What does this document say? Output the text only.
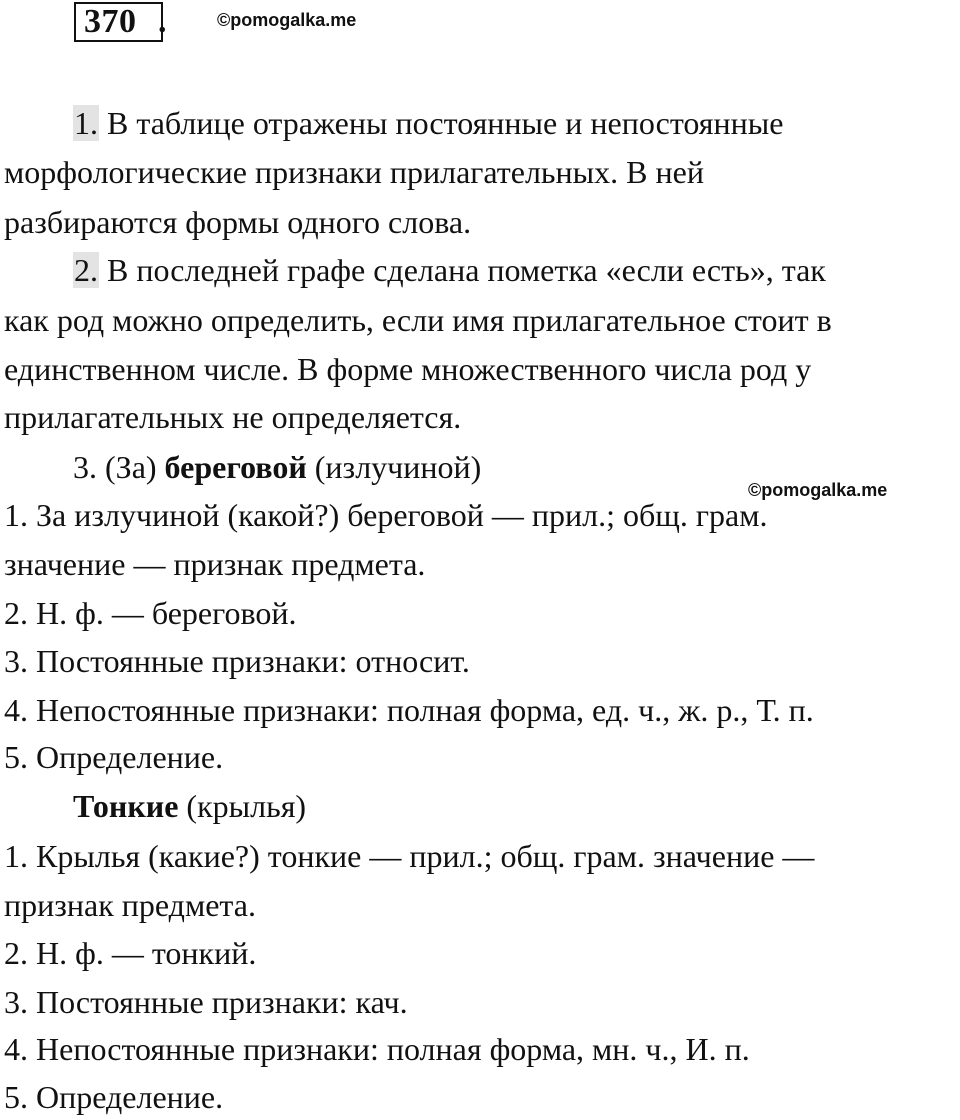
370 .	©pomogalka.me
1. В таблице отражены постоянные и непостоянные
морфологические признаки прилагательных. В ней
разбираются формы одного слова.
2. В последней графе сделана пометка «если есть», так
как род можно определить, если имя прилагательное стоит в
единственном числе. В форме множественного числа род у
прилагательных не определяется.
3. (За) береговой (излучиной)
©pomogalka.me
1. За излучиной (какой?) береговой — прил.; общ. грам.
значение — признак предмета.
2. Н. ф. — береговой.
3. Постоянные признаки: относит.
4. Непостоянные признаки: полная форма, ед. ч., ж. р., Т. п.
5. Определение.
Тонкие (крылья)
1. Крылья (какие?) тонкие — прил.; общ. грам. значение —
признак предмета.
2. Н. ф. — тонкий.
3. Постоянные признаки: кач.
4. Непостоянные признаки: полная форма, мн. ч., И. п.
5. Определение.
